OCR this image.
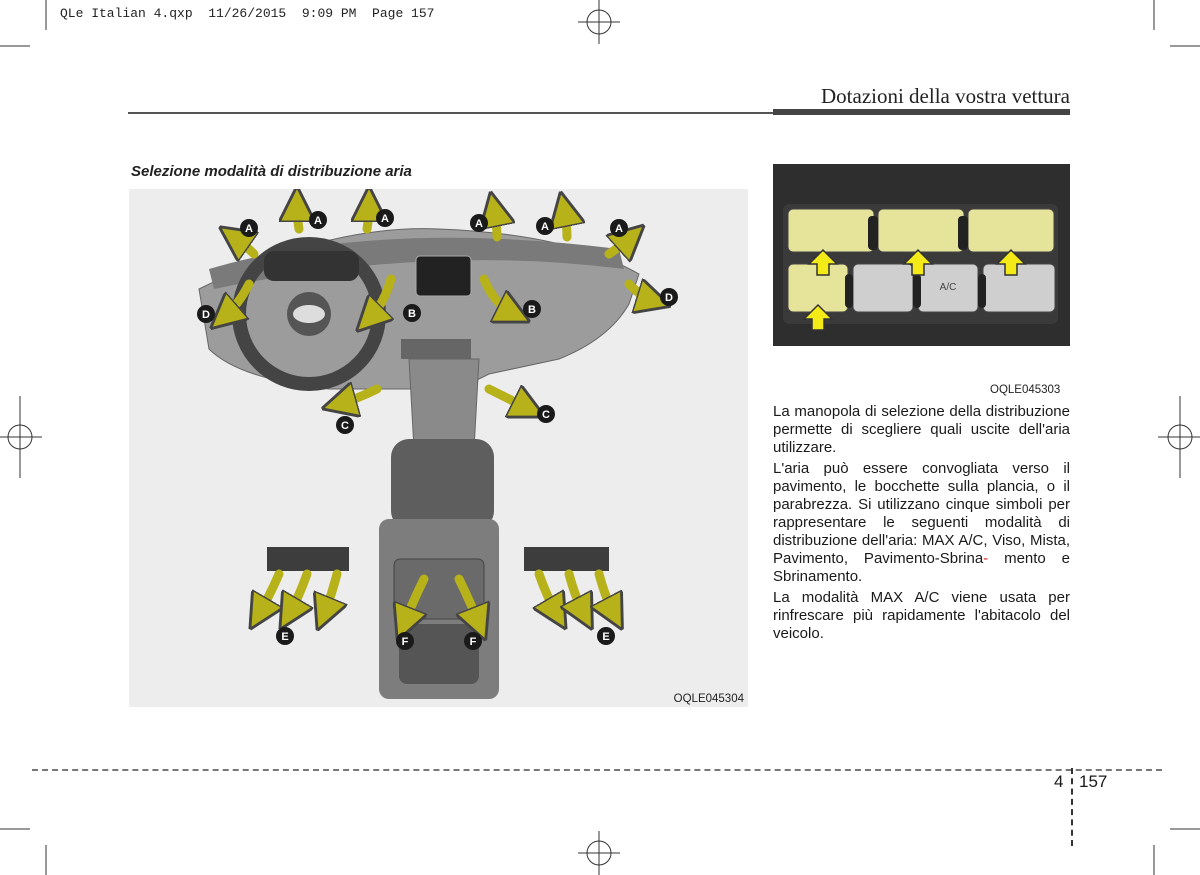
QLe Italian 4.qxp  11/26/2015  9:09 PM  Page 157
Dotazioni della vostra vettura
Selezione modalità di distribuzione aria
A
A	A	A	A	A
B	B
C
C
D
D
E	E
F	F
OQLE045304
A/C
OQLE045303

La manopola di selezione della distribuzione permette di scegliere quali uscite dell'aria utilizzare.

L'aria può essere convogliata verso il pavimento, le bocchette sulla plancia, o il parabrezza. Si utilizzano cinque simboli per rappresentare le seguenti modalità di distribuzione dell'aria: MAX A/C, Viso, Mista, Pavimento, Pavimento-Sbrina- mento e Sbrinamento.

La modalità MAX A/C viene usata per rinfrescare più rapidamente l'abitacolo del veicolo.

4 157
